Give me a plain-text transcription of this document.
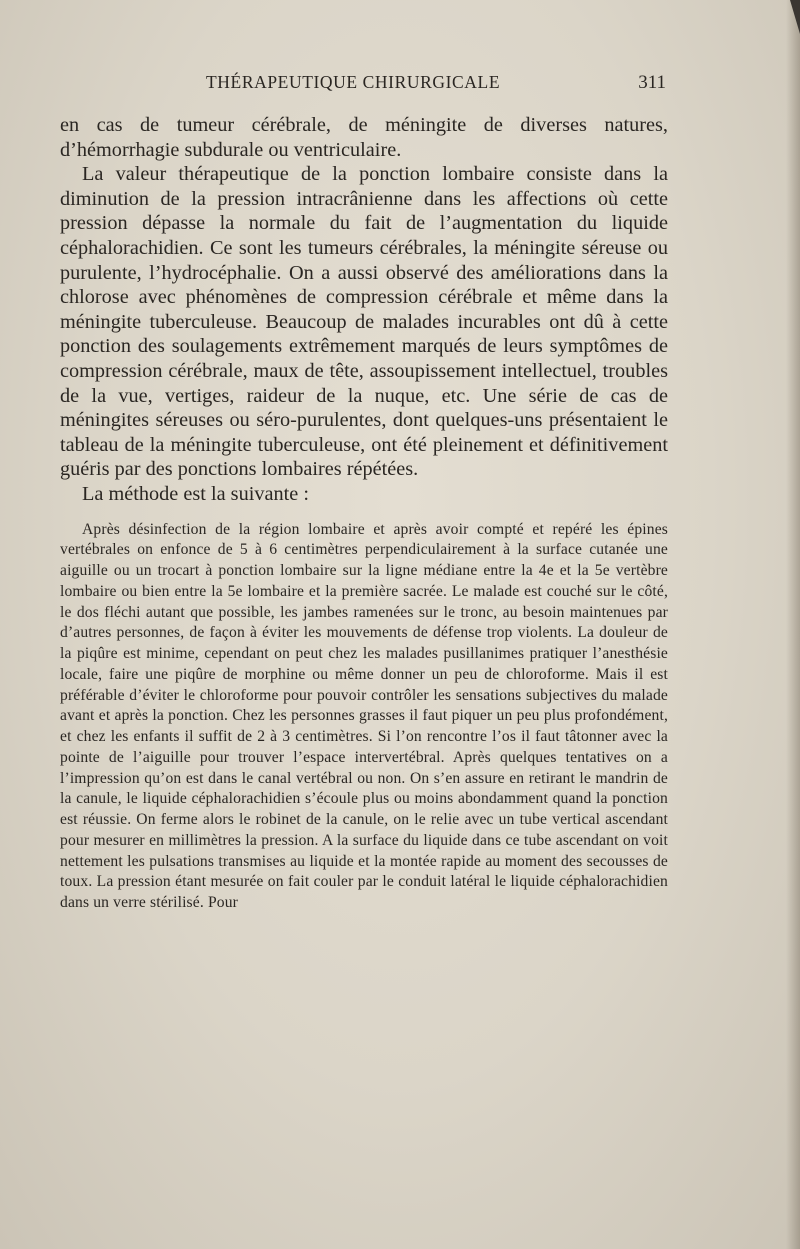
THÉRAPEUTIQUE CHIRURGICALE	311

en cas de tumeur cérébrale, de méningite de diverses natures, d’hémorrhagie subdurale ou ventriculaire.

La valeur thérapeutique de la ponction lombaire consiste dans la diminution de la pression intracrânienne dans les affections où cette pression dépasse la normale du fait de l’augmentation du liquide céphalorachidien. Ce sont les tumeurs cérébrales, la méningite séreuse ou purulente, l’hydrocéphalie. On a aussi observé des améliorations dans la chlorose avec phénomènes de compression cérébrale et même dans la méningite tuberculeuse. Beaucoup de malades incurables ont dû à cette ponction des soulagements extrêmement marqués de leurs symptômes de compression cérébrale, maux de tête, assoupissement intellectuel, troubles de la vue, vertiges, raideur de la nuque, etc. Une série de cas de méningites séreuses ou séro-purulentes, dont quelques-uns présentaient le tableau de la méningite tuberculeuse, ont été pleinement et définitivement guéris par des ponctions lombaires répétées.

La méthode est la suivante :

Après désinfection de la région lombaire et après avoir compté et repéré les épines vertébrales on enfonce de 5 à 6 centimètres perpendiculairement à la surface cutanée une aiguille ou un trocart à ponction lombaire sur la ligne médiane entre la 4e et la 5e vertèbre lombaire ou bien entre la 5e lombaire et la première sacrée. Le malade est couché sur le côté, le dos fléchi autant que possible, les jambes ramenées sur le tronc, au besoin maintenues par d’autres personnes, de façon à éviter les mouvements de défense trop violents. La douleur de la piqûre est minime, cependant on peut chez les malades pusillanimes pratiquer l’anesthésie locale, faire une piqûre de morphine ou même donner un peu de chloroforme. Mais il est préférable d’éviter le chloroforme pour pouvoir contrôler les sensations subjectives du malade avant et après la ponction. Chez les personnes grasses il faut piquer un peu plus profondément, et chez les enfants il suffit de 2 à 3 centimètres. Si l’on rencontre l’os il faut tâtonner avec la pointe de l’aiguille pour trouver l’espace intervertébral. Après quelques tentatives on a l’impression qu’on est dans le canal vertébral ou non. On s’en assure en retirant le mandrin de la canule, le liquide céphalorachidien s’écoule plus ou moins abondamment quand la ponction est réussie. On ferme alors le robinet de la canule, on le relie avec un tube vertical ascendant pour mesurer en millimètres la pression. A la surface du liquide dans ce tube ascendant on voit nettement les pulsations transmises au liquide et la montée rapide au moment des secousses de toux. La pression étant mesurée on fait couler par le conduit latéral le liquide céphalorachidien dans un verre stérilisé. Pour
